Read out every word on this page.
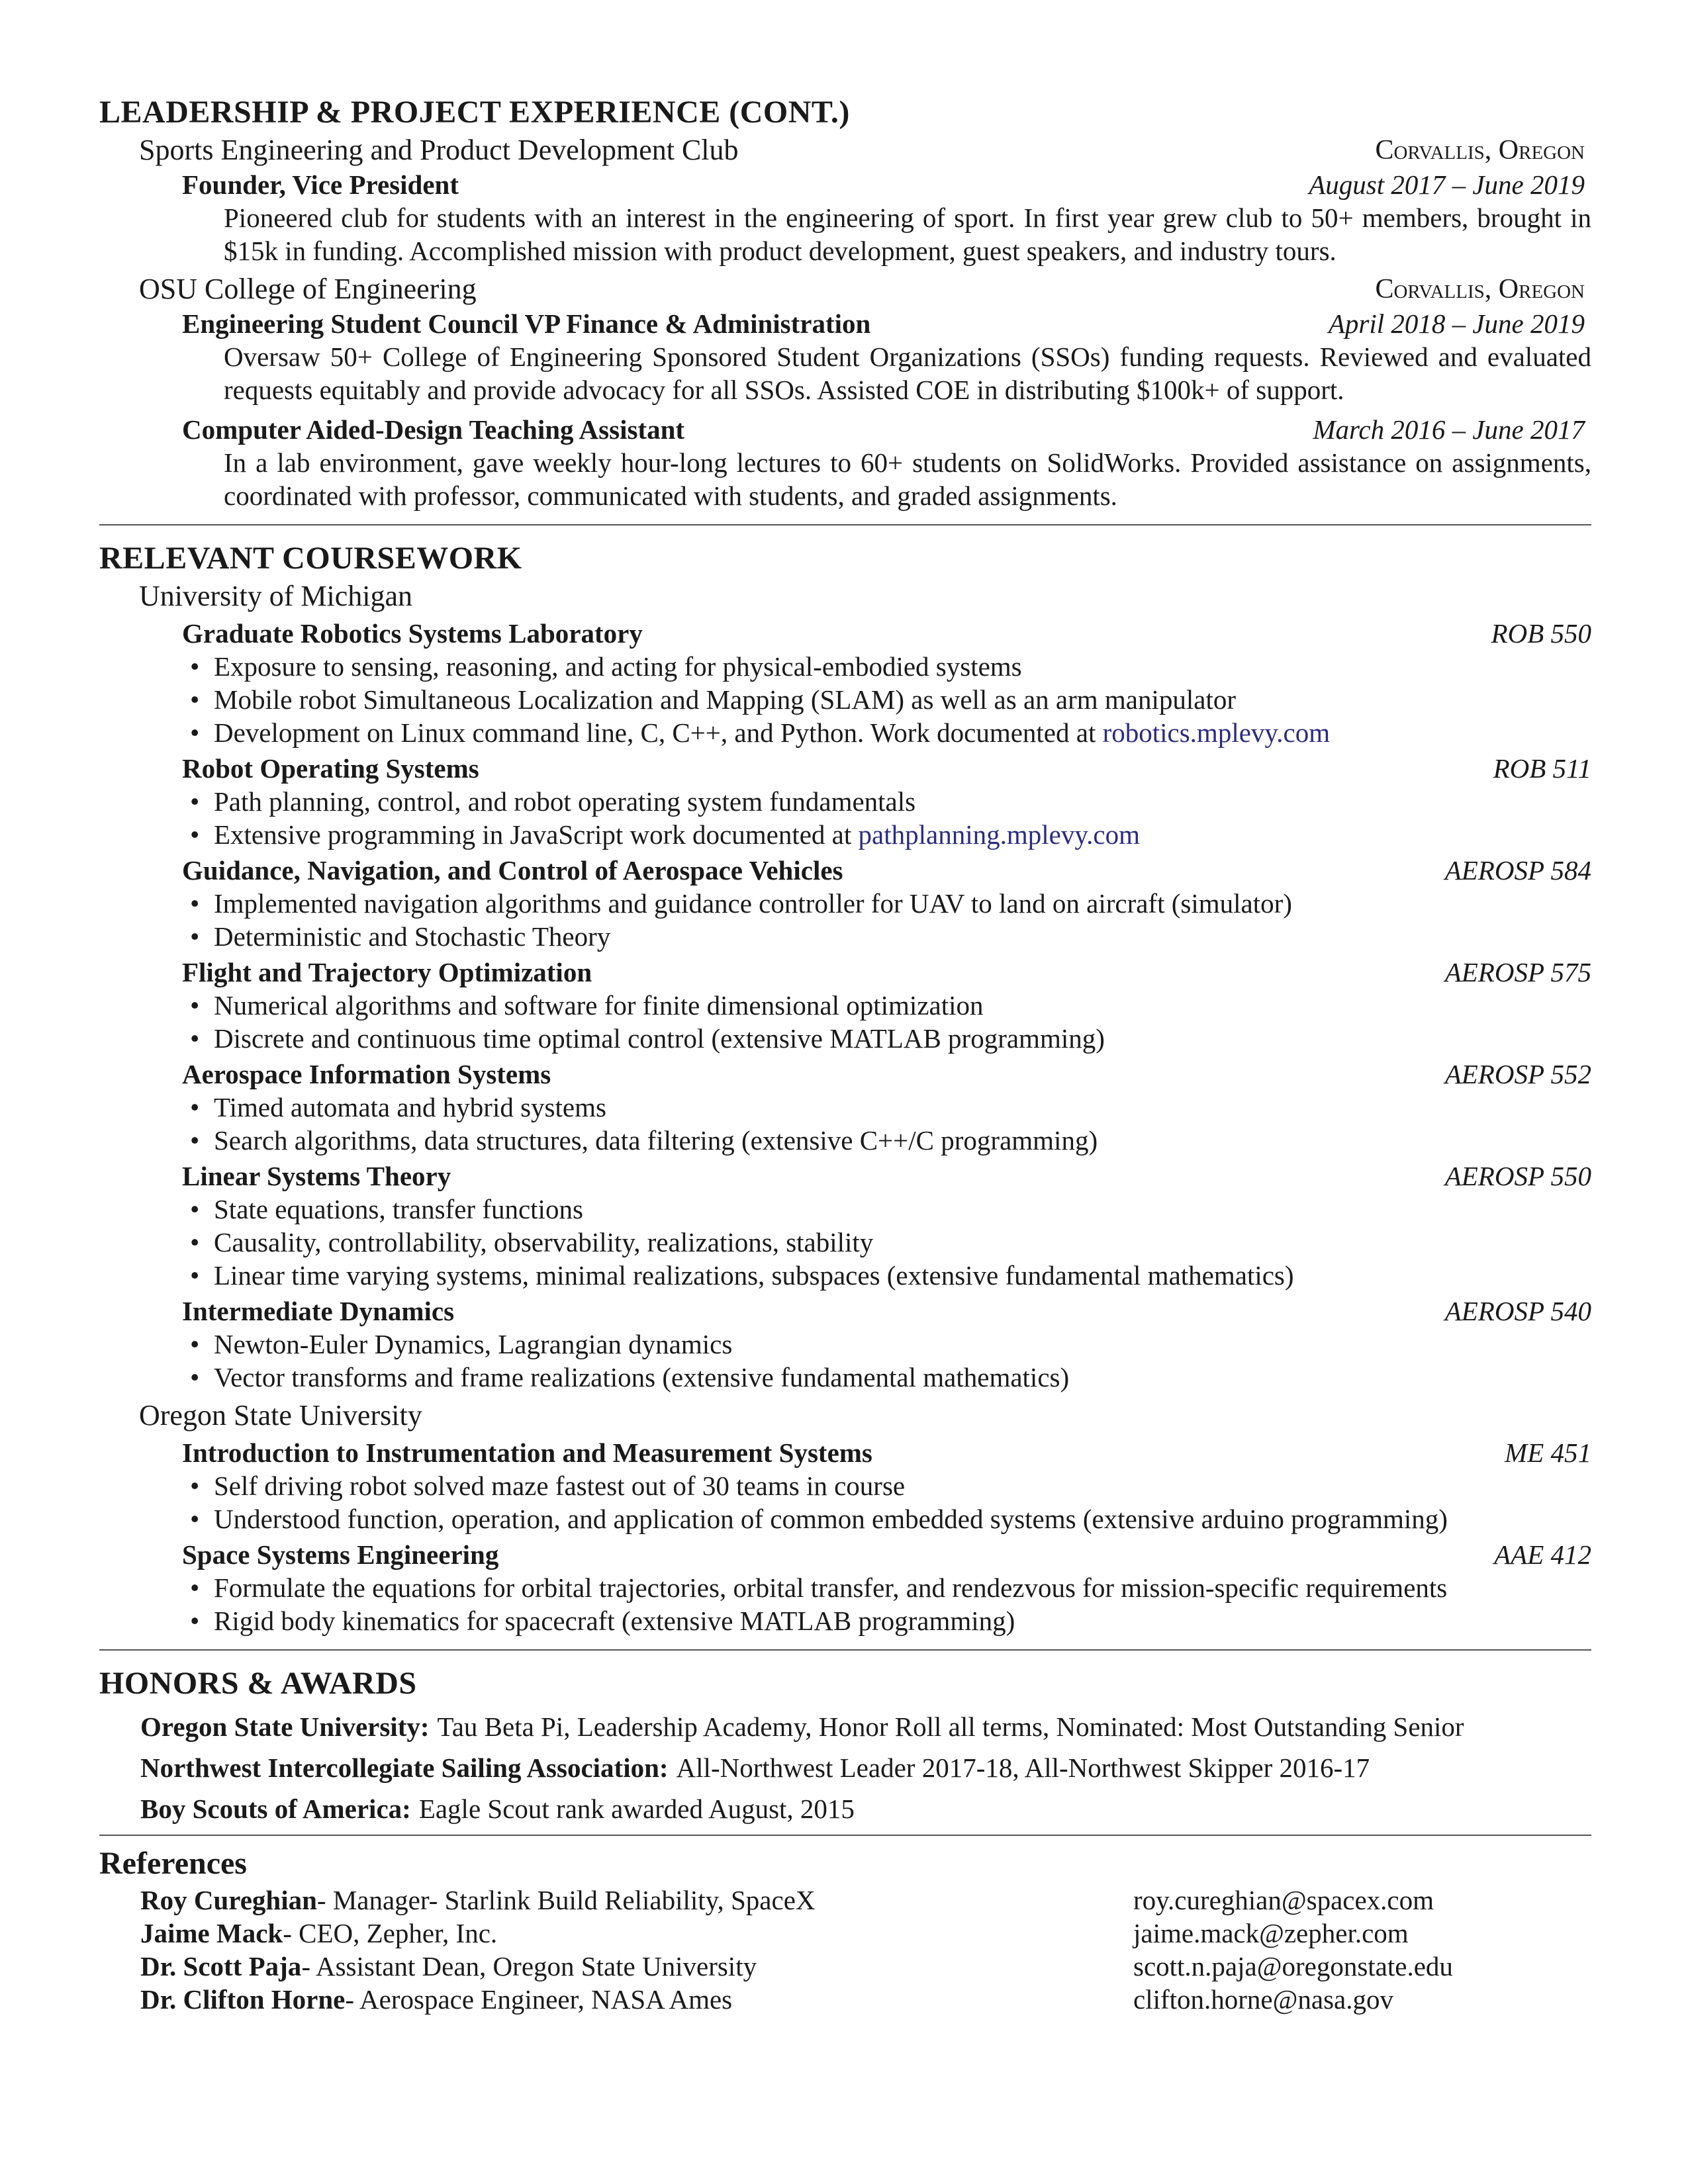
LEADERSHIP & PROJECT EXPERIENCE (CONT.)
Sports Engineering and Product Development Club	Corvallis, Oregon
Founder, Vice President	August 2017 – June 2019
Pioneered club for students with an interest in the engineering of sport. In first year grew club to 50+ members, brought in $15k in funding. Accomplished mission with product development, guest speakers, and industry tours.
OSU College of Engineering	Corvallis, Oregon
Engineering Student Council VP Finance & Administration	April 2018 – June 2019
Oversaw 50+ College of Engineering Sponsored Student Organizations (SSOs) funding requests. Reviewed and evaluated requests equitably and provide advocacy for all SSOs. Assisted COE in distributing $100k+ of support.
Computer Aided-Design Teaching Assistant	March 2016 – June 2017
In a lab environment, gave weekly hour-long lectures to 60+ students on SolidWorks. Provided assistance on assignments, coordinated with professor, communicated with students, and graded assignments.
RELEVANT COURSEWORK
University of Michigan
Graduate Robotics Systems Laboratory	ROB 550
• Exposure to sensing, reasoning, and acting for physical-embodied systems
• Mobile robot Simultaneous Localization and Mapping (SLAM) as well as an arm manipulator
• Development on Linux command line, C, C++, and Python. Work documented at robotics.mplevy.com
Robot Operating Systems	ROB 511
• Path planning, control, and robot operating system fundamentals
• Extensive programming in JavaScript work documented at pathplanning.mplevy.com
Guidance, Navigation, and Control of Aerospace Vehicles	AEROSP 584
• Implemented navigation algorithms and guidance controller for UAV to land on aircraft (simulator)
• Deterministic and Stochastic Theory
Flight and Trajectory Optimization	AEROSP 575
• Numerical algorithms and software for finite dimensional optimization
• Discrete and continuous time optimal control (extensive MATLAB programming)
Aerospace Information Systems	AEROSP 552
• Timed automata and hybrid systems
• Search algorithms, data structures, data filtering (extensive C++/C programming)
Linear Systems Theory	AEROSP 550
• State equations, transfer functions
• Causality, controllability, observability, realizations, stability
• Linear time varying systems, minimal realizations, subspaces (extensive fundamental mathematics)
Intermediate Dynamics	AEROSP 540
• Newton-Euler Dynamics, Lagrangian dynamics
• Vector transforms and frame realizations (extensive fundamental mathematics)
Oregon State University
Introduction to Instrumentation and Measurement Systems	ME 451
• Self driving robot solved maze fastest out of 30 teams in course
• Understood function, operation, and application of common embedded systems (extensive arduino programming)
Space Systems Engineering	AAE 412
• Formulate the equations for orbital trajectories, orbital transfer, and rendezvous for mission-specific requirements
• Rigid body kinematics for spacecraft (extensive MATLAB programming)
HONORS & AWARDS
Oregon State University: Tau Beta Pi, Leadership Academy, Honor Roll all terms, Nominated: Most Outstanding Senior
Northwest Intercollegiate Sailing Association: All-Northwest Leader 2017-18, All-Northwest Skipper 2016-17
Boy Scouts of America: Eagle Scout rank awarded August, 2015
References
Roy Cureghian- Manager- Starlink Build Reliability, SpaceX	roy.cureghian@spacex.com
Jaime Mack- CEO, Zepher, Inc.	jaime.mack@zepher.com
Dr. Scott Paja- Assistant Dean, Oregon State University	scott.n.paja@oregonstate.edu
Dr. Clifton Horne- Aerospace Engineer, NASA Ames	clifton.horne@nasa.gov
